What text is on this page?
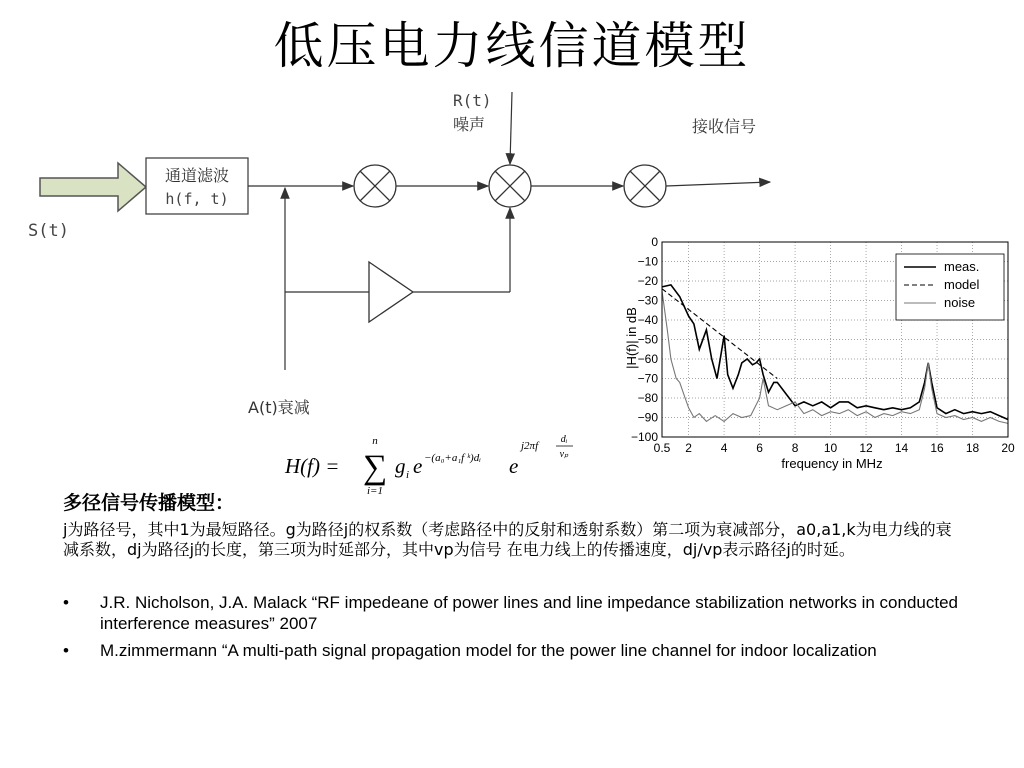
低压电力线信道模型
S(t)
通道滤波
h(f, t)
R(t)
噪声	接收信号
A(t)衰减
0.5 2 4 6 8 10 12 14 16 18 20
0
−10
−20
−30
−40
−50
−60
−70
−80
−90
−100
meas.
model
noise
frequency in MHz
|H(f)| in dB
H(f) = ∑
n
i=1
g i e −(a₀+a₁f ᵏ)dᵢ e
j2πf
dᵢ
vₚ
多径信号传播模型：
j为路径号，其中1为最短路径。g为路径j的权系数（考虑路径中的反射和透射系数）第二项为衰减部分，a0,a1,k为电力线的衰减系数，dj为路径j的长度，第三项为时延部分，其中vp为信号 在电力线上的传播速度，dj/vp表示路径j的时延。
• J.R. Nicholson, J.A. Malack “RF impedeane of power lines and line impedance stabilization networks in conducted interference measures” 2007
• M.zimmermann “A multi-path signal propagation model for the power line channel for indoor localization
